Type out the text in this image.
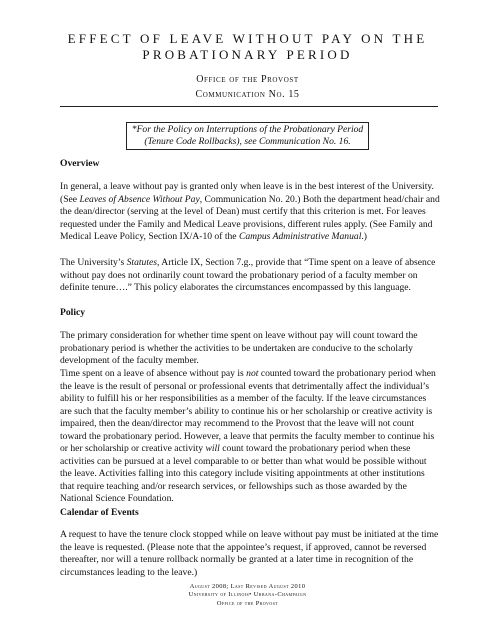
EFFECT OF LEAVE WITHOUT PAY ON THE
PROBATIONARY PERIOD
Office of the Provost
Communication No. 15
*For the Policy on Interruptions of the Probationary Period
(Tenure Code Rollbacks), see Communication No. 16.
Overview
In general, a leave without pay is granted only when leave is in the best interest of the University. (See Leaves of Absence Without Pay, Communication No. 20.) Both the department head/chair and the dean/director (serving at the level of Dean) must certify that this criterion is met. For leaves requested under the Family and Medical Leave provisions, different rules apply. (See Family and Medical Leave Policy, Section IX/A-10 of the Campus Administrative Manual.)
The University’s Statutes, Article IX, Section 7.g., provide that “Time spent on a leave of absence without pay does not ordinarily count toward the probationary period of a faculty member on definite tenure….” This policy elaborates the circumstances encompassed by this language.
Policy
The primary consideration for whether time spent on leave without pay will count toward the probationary period is whether the activities to be undertaken are conducive to the scholarly development of the faculty member.
Time spent on a leave of absence without pay is not counted toward the probationary period when the leave is the result of personal or professional events that detrimentally affect the individual’s ability to fulfill his or her responsibilities as a member of the faculty. If the leave circumstances are such that the faculty member’s ability to continue his or her scholarship or creative activity is impaired, then the dean/director may recommend to the Provost that the leave will not count toward the probationary period. However, a leave that permits the faculty member to continue his or her scholarship or creative activity will count toward the probationary period when these activities can be pursued at a level comparable to or better than what would be possible without the leave. Activities falling into this category include visiting appointments at other institutions that require teaching and/or research services, or fellowships such as those awarded by the National Science Foundation.
Calendar of Events
A request to have the tenure clock stopped while on leave without pay must be initiated at the time the leave is requested. (Please note that the appointee’s request, if approved, cannot be reversed thereafter, nor will a tenure rollback normally be granted at a later time in recognition of the circumstances leading to the leave.)
August 2008; Last Revised August 2010
University of Illinois• Urbana-Champaign
Office of the Provost
